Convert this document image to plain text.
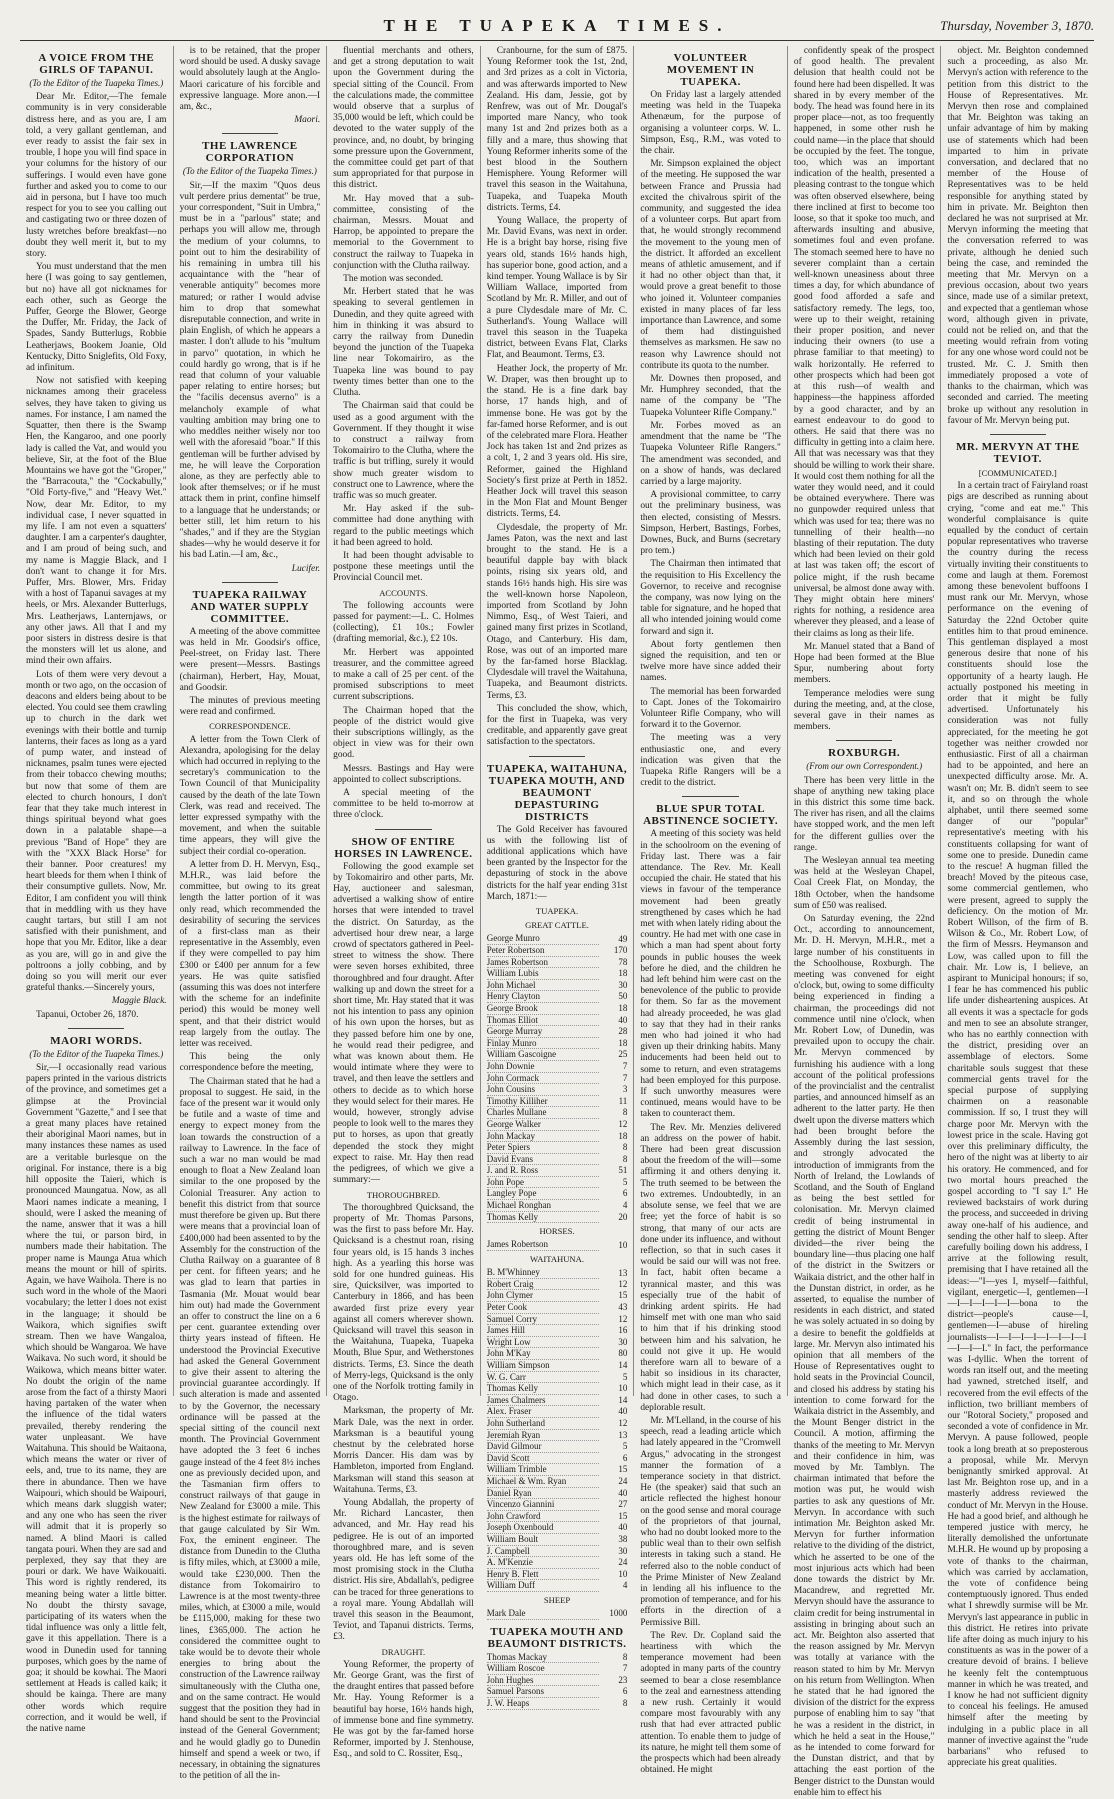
THE TUAPEKA TIMES.	Thursday, November 3, 1870.
A VOICE FROM THE GIRLS OF TAPANUI.
(To the Editor of the Tuapeka Times.)

Dear Mr. Editor,—The female community is in very considerable distress here, and as you are, I am told, a very gallant gentleman, and ever ready to assist the fair sex in trouble, I hope you will find space in your columns for the history of our sufferings. I would even have gone further and asked you to come to our aid in persona, but I have too much respect for you to see you calling out and castigating two or three dozen of lusty wretches before breakfast—no doubt they well merit it, but to my story.

You must understand that the men here (I was going to say gentlemen, but no) have all got nicknames for each other, such as George the Puffer, George the Blower, George the Duffer, Mr. Friday, the Jack of Spades, Sandy Butterlugs, Robbie Leatherjaws, Bookem Joanie, Old Kentucky, Ditto Sniglefits, Old Foxy, ad infinitum.

Now not satisfied with keeping nicknames among their graceless selves, they have taken to giving us names. For instance, I am named the Squatter, then there is the Swamp Hen, the Kangaroo, and one poorly lady is called the Vat, and would you believe, Sir, at the foot of the Blue Mountains we have got the "Groper," the "Barracouta," the "Cockabully," "Old Forty-five," and "Heavy Wet." Now, dear Mr. Editor, to my individual case, I never squatted in my life. I am not even a squatters' daughter. I am a carpenter's daughter, and I am proud of being such, and my name is Maggie Black, and I don't want to change it for Mrs. Puffer, Mrs. Blower, Mrs. Friday with a host of Tapanui savages at my heels, or Mrs. Alexander Butterlugs, Mrs. Leatherjaws, Lanternjaws, or any other jaws. All that I and my poor sisters in distress desire is that the monsters will let us alone, and mind their own affairs.

Lots of them were very devout a month or two ago, on the occasion of deacons and elders being about to be elected. You could see them crawling up to church in the dark wet evenings with their bottle and turnip lanterns, their faces as long as a yard of pump water, and instead of nicknames, psalm tunes were ejected from their tobacco chewing mouths; but now that some of them are elected to church honours, I don't fear that they take much interest in things spiritual beyond what goes down in a palatable shape—a previous "Band of Hope" they are with the "XXX Black Horse" for their banner. Poor creatures! my heart bleeds for them when I think of their consumptive gullets. Now, Mr. Editor, I am confident you will think that in meddling with us they have caught tartars, but still I am not satisfied with their punishment, and hope that you Mr. Editor, like a dear as you are, will go in and give the poltroons a jolly cobbing, and by doing so you will merit our ever grateful thanks.—Sincerely yours,

Maggie Black.

Tapanui, October 26, 1870.

MAORI WORDS.
(To the Editor of the Tuapeka Times.)

Sir,—I occasionally read various papers printed in the various districts of the province, and sometimes get a glimpse at the Provincial Government "Gazette," and I see that a great many places have retained their aboriginal Maori names, but in many instances these names as used are a veritable burlesque on the original. For instance, there is a big hill opposite the Taieri, which is pronounced Maungatua. Now, as all Maori names indicate a meaning, I should, were I asked the meaning of the name, answer that it was a hill where the tui, or parson bird, in numbers made their habitation. The proper name is Maunga Atua which means the mount or hill of spirits. Again, we have Waihola. There is no such word in the whole of the Maori vocabulary; the letter l does not exist in the language; it should be Waikora, which signifies swift stream. Then we have Wangaloa, which should be Wangaroa. We have Waikava. No such word, it should be Waikowa, which means bitter water. No doubt the origin of the name arose from the fact of a thirsty Maori having partaken of the water when the influence of the tidal waters prevailed, thereby rendering the water unpleasant. We have Waitahuna. This should be Waitaona, which means the water or river of eels, and, true to its name, they are there in abundance. Then we have Waipouri, which should be Waipouri, which means dark sluggish water; and any one who has seen the river will admit that it is properly so named. A blind Maori is called tangata pouri. When they are sad and perplexed, they say that they are pouri or dark. We have Waikouaiti. This word is rightly rendered, its meaning being water a little bitter. No doubt the thirsty savage, participating of its waters when the tidal influence was only a little felt, gave it this appellation. There is a wood in Dunedin used for tanning purposes, which goes by the name of goa; it should be kowhai. The Maori settlement at Heads is called kaik; it should be kainga. There are many other words which require correction, and it would be well, if the native name

is to be retained, that the proper word should be used. A dusky savage would absolutely laugh at the Anglo-Maori caricature of his forcible and expressive language. More anon.—I am, &c.,

Maori.
THE LAWRENCE CORPORATION
(To the Editor of the Tuapeka Times.)

Sir,—If the maxim "Quos deus vult perdere prius dementat" be true, your correspondent, "Suit in Umbra," must be in a "parlous" state; and perhaps you will allow me, through the medium of your columns, to point out to him the desirability of his remaining in umbra till his acquaintance with the "hear of venerable antiquity" becomes more matured; or rather I would advise him to drop that somewhat disreputable connection, and write in plain English, of which he appears a master. I don't allude to his "multum in parvo" quotation, in which he could hardly go wrong, that is if he read that column of your valuable paper relating to entire horses; but the "facilis decensus averno" is a melancholy example of what vaulting ambition may bring one to who meddles neither wisely nor too well with the aforesaid "boar." If this gentleman will be further advised by me, he will leave the Corporation alone, as they are perfectly able to look after themselves; or if he must attack them in print, confine himself to a language that he understands; or better still, let him return to his "shades," and if they are the Stygian shades—why he would deserve it for his bad Latin.—I am, &c.,

Lucifer.
TUAPEKA RAILWAY AND WATER SUPPLY COMMITTEE.

A meeting of the above committee was held in Mr. Goodsir's office, Peel-street, on Friday last. There were present—Messrs. Bastings (chairman), Herbert, Hay, Mouat, and Goodsir.

The minutes of previous meeting were read and confirmed.

CORRESPONDENCE.

A letter from the Town Clerk of Alexandra, apologising for the delay which had occurred in replying to the secretary's communication to the Town Council of that Municipality caused by the death of the late Town Clerk, was read and received. The letter expressed sympathy with the movement, and when the suitable time appears, they will give the subject their cordial co-operation.

A letter from D. H. Mervyn, Esq., M.H.R., was laid before the committee, but owing to its great length the latter portion of it was only read, which recommended the desirability of securing the services of a first-class man as their representative in the Assembly, even if they were compelled to pay him £300 or £400 per annum for a few years. He was quite satisfied (assuming this was does not interfere with the scheme for an indefinite period) this would be money well spent, and that their district would reap largely from the outlay. The letter was received.

This being the only correspondence before the meeting,

The Chairman stated that he had a proposal to suggest. He said, in the face of the present war it would only be futile and a waste of time and energy to expect money from the loan towards the construction of a railway to Lawrence. In the face of such a war no man would be mad enough to float a New Zealand loan similar to the one proposed by the Colonial Treasurer. Any action to benefit this district from that source must therefore be given up. But there were means that a provincial loan of £400,000 had been assented to by the Assembly for the construction of the Clutha Railway on a guarantee of 8 per cent. for fifteen years; and he was glad to learn that parties in Tasmania (Mr. Mouat would bear him out) had made the Government an offer to construct the line on a 6 per cent. guarantee extending over thirty years instead of fifteen. He understood the Provincial Executive had asked the General Government to give their assent to altering the provincial guarantee accordingly. If such alteration is made and assented to by the Governor, the necessary ordinance will be passed at the special sitting of the council next month. The Provincial Government have adopted the 3 feet 6 inches gauge instead of the 4 feet 8½ inches one as previously decided upon, and the Tasmanian firm offers to construct railways of that gauge in New Zealand for £3000 a mile. This is the highest estimate for railways of that gauge calculated by Sir Wm. Fox, the eminent engineer. The distance from Dunedin to the Clutha is fifty miles, which, at £3000 a mile, would take £230,000. Then the distance from Tokomairiro to Lawrence is at the most twenty-three miles, which, at £3000 a mile, would be £115,000, making for these two lines, £365,000. The action he considered the committee ought to take would be to devote their whole energies to bring about the construction of the Lawrence railway simultaneously with the Clutha one, and on the same contract. He would suggest that the position they had in hand should be sent to the Provincial instead of the General Government; and he would gladly go to Dunedin himself and spend a week or two, if necessary, in obtaining the signatures to the petition of all the in-

fluential merchants and others, and get a strong deputation to wait upon the Government during the special sitting of the Council. From the calculations made, the committee would observe that a surplus of 35,000 would be left, which could be devoted to the water supply of the province, and, no doubt, by bringing some pressure upon the Government, the committee could get part of that sum appropriated for that purpose in this district.

Mr. Hay moved that a sub-committee, consisting of the chairman, Messrs. Mouat and Harrop, be appointed to prepare the memorial to the Government to construct the railway to Tuapeka in conjunction with the Clutha railway.

The motion was seconded.

Mr. Herbert stated that he was speaking to several gentlemen in Dunedin, and they quite agreed with him in thinking it was absurd to carry the railway from Dunedin beyond the junction of the Tuapeka line near Tokomairiro, as the Tuapeka line was bound to pay twenty times better than one to the Clutha.

The Chairman said that could be used as a good argument with the Government. If they thought it wise to construct a railway from Tokomairiro to the Clutha, where the traffic is but trifling, surely it would show much greater wisdom to construct one to Lawrence, where the traffic was so much greater.

Mr. Hay asked if the sub-committee had done anything with regard to the public meetings which it had been agreed to hold.

It had been thought advisable to postpone these meetings until the Provincial Council met.

ACCOUNTS.

The following accounts were passed for payment:—L. C. Holmes (collecting), £1 10s.; Fowler (drafting memorial, &c.), £2 10s.

Mr. Herbert was appointed treasurer, and the committee agreed to make a call of 25 per cent. of the promised subscriptions to meet current subscriptions.

The Chairman hoped that the people of the district would give their subscriptions willingly, as the object in view was for their own good.

Messrs. Bastings and Hay were appointed to collect subscriptions.

A special meeting of the committee to be held to-morrow at three o'clock.

SHOW OF ENTIRE HORSES IN LAWRENCE.

Following the good example set by Tokomairiro and other parts, Mr. Hay, auctioneer and salesman, advertised a walking show of entire horses that were intended to travel the district. On Saturday, as the advertised hour drew near, a large crowd of spectators gathered in Peel-street to witness the show. There were seven horses exhibited, three thoroughbred and four draught. After walking up and down the street for a short time, Mr. Hay stated that it was not his intention to pass any opinion of his own upon the horses, but as they passed before him one by one, he would read their pedigree, and what was known about them. He would intimate where they were to travel, and then leave the settlers and others to decide as to which horse they would select for their mares. He would, however, strongly advise people to look well to the mares they put to horses, as upon that greatly depended the stock they might expect to raise. Mr. Hay then read the pedigrees, of which we give a summary:—

THOROUGHBRED.

The thoroughbred Quicksand, the property of Mr. Thomas Parsons, was the first to pass before Mr. Hay. Quicksand is a chestnut roan, rising four years old, is 15 hands 3 inches high. As a yearling this horse was sold for one hundred guineas. His sire, Quicksilver, was imported to Canterbury in 1866, and has been awarded first prize every year against all comers wherever shown. Quicksand will travel this season in the Waitahuna, Tuapeka, Tuapeka Mouth, Blue Spur, and Wetherstones districts. Terms, £3. Since the death of Merry-legs, Quicksand is the only one of the Norfolk trotting family in Otago.

Marksman, the property of Mr. Mark Dale, was the next in order. Marksman is a beautiful young chestnut by the celebrated horse Morris Dancer. His dam was by Hambleton, imported from England. Marksman will stand this season at Waitahuna. Terms, £3.

Young Abdallah, the property of Mr. Richard Lancaster, then advanced, and Mr. Hay read his pedigree. He is out of an imported thoroughbred mare, and is seven years old. He has left some of the most promising stock in the Clutha district. His sire, Abdallah's, pedigree can be traced for three generations to a royal mare. Young Abdallah will travel this season in the Beaumont, Teviot, and Tapanui districts. Terms, £3.

DRAUGHT.

Young Reformer, the property of Mr. George Grant, was the first of the draught entires that passed before Mr. Hay. Young Reformer is a beautiful bay horse, 16½ hands high, of immense bone and fine symmetry. He was got by the far-famed horse Reformer, imported by J. Stenhouse, Esq., and sold to C. Rossiter, Esq.,

Cranbourne, for the sum of £875. Young Reformer took the 1st, 2nd, and 3rd prizes as a colt in Victoria, and was afterwards imported to New Zealand. His dam, Jessie, got by Renfrew, was out of Mr. Dougal's imported mare Nancy, who took many 1st and 2nd prizes both as a filly and a mare, thus showing that Young Reformer inherits some of the best blood in the Southern Hemisphere. Young Reformer will travel this season in the Waitahuna, Tuapeka, and Tuapeka Mouth districts. Terms, £4.

Young Wallace, the property of Mr. David Evans, was next in order. He is a bright bay horse, rising five years old, stands 16½ hands high, has superior bone, good action, and a kind temper. Young Wallace is by Sir William Wallace, imported from Scotland by Mr. R. Miller, and out of a pure Clydesdale mare of Mr. C. Sutherland's. Young Wallace will travel this season in the Tuapeka district, between Evans Flat, Clarks Flat, and Beaumont. Terms, £3.

Heather Jock, the property of Mr. W. Draper, was then brought up to the stand. He is a fine dark bay horse, 17 hands high, and of immense bone. He was got by the far-famed horse Reformer, and is out of the celebrated mare Flora. Heather Jock has taken 1st and 2nd prizes as a colt, 1, 2 and 3 years old. His sire, Reformer, gained the Highland Society's first prize at Perth in 1852. Heather Jock will travel this season in the Mon Flat and Mount Benger districts. Terms, £4.

Clydesdale, the property of Mr. James Paton, was the next and last brought to the stand. He is a beautiful dapple bay with black points, rising six years old, and stands 16½ hands high. His sire was the well-known horse Napoleon, imported from Scotland by John Nimmo, Esq., of West Taieri, and gained many first prizes in Scotland, Otago, and Canterbury. His dam, Rose, was out of an imported mare by the far-famed horse Blacklag. Clydesdale will travel the Waitahuna, Tuapeka, and Beaumont districts. Terms, £3.

This concluded the show, which, for the first in Tuapeka, was very creditable, and apparently gave great satisfaction to the spectators.

TUAPEKA, WAITAHUNA, TUAPEKA MOUTH, AND BEAUMONT DEPASTURING DISTRICTS

The Gold Receiver has favoured us with the following list of additional applications which have been granted by the Inspector for the depasturing of stock in the above districts for the half year ending 31st March, 1871:—

TUAPEKA.
GREAT CATTLE.
George Munro	49
Peter Robertson	170
James Robertson	78
William Lubis	18
John Michael	30
Henry Clayton	50
George Brook	18
Thomas Elliot	40
George Murray	28
Finlay Munro	18
William Gascoigne	25
John Downie	7
John Cormack	7
John Cousins	3
Timothy Killiher	11
Charles Mullane	8
George Walker	12
John Mackay	18
Peter Spiers	8
David Evans	8
J. and R. Ross	51
John Pope	5
Langley Pope	6
Michael Ronghan	4
Thomas Kelly	20
HORSES.
James Robertson	10
WAITAHUNA.
B. M'Whinney	13
Robert Craig	12
John Clymer	15
Peter Cook	43
Samuel Corry	12
James Hill	16
Wright Low	30
John M'Kay	80
William Simpson	14
W. G. Carr	5
Thomas Kelly	10
James Chalmers	14
Alex. Fraser	40
John Sutherland	12
Jeremiah Ryan	13
David Gilmour	5
David Scott	6
William Trimble	15
Michael & Wm. Ryan	24
Daniel Ryan	40
Vincenzo Giannini	27
John Crawford	15
Joseph Oxenbould	40
William Boult	38
J. Campbell	30
A. M'Kenzie	24
Henry B. Flett	10
William Duff	4
SHEEP
Mark Dale	1000
TUAPEKA MOUTH AND BEAUMONT DISTRICTS.
Thomas Mackay	8
William Roscoe	7
John Hughes	23
Samuel Parsons	6
J. W. Heaps	8
VOLUNTEER MOVEMENT IN TUAPEKA.

On Friday last a largely attended meeting was held in the Tuapeka Athenæum, for the purpose of organising a volunteer corps. W. L. Simpson, Esq., R.M., was voted to the chair.

Mr. Simpson explained the object of the meeting. He supposed the war between France and Prussia had excited the chivalrous spirit of the community, and suggested the idea of a volunteer corps. But apart from that, he would strongly recommend the movement to the young men of the district. It afforded an excellent means of athletic amusement, and if it had no other object than that, it would prove a great benefit to those who joined it. Volunteer companies existed in many places of far less importance than Lawrence, and some of them had distinguished themselves as marksmen. He saw no reason why Lawrence should not contribute its quota to the number.

Mr. Downes then proposed, and Mr. Humphrey seconded, that the name of the company be "The Tuapeka Volunteer Rifle Company."

Mr. Forbes moved as an amendment that the name be "The Tuapeka Volunteer Rifle Rangers." The amendment was seconded, and on a show of hands, was declared carried by a large majority.

A provisional committee, to carry out the preliminary business, was then elected, consisting of Messrs. Simpson, Herbert, Bastings, Forbes, Downes, Buck, and Burns (secretary pro tem.)

The Chairman then intimated that the requisition to His Excellency the Governor, to receive and recognise the company, was now lying on the table for signature, and he hoped that all who intended joining would come forward and sign it.

About forty gentlemen then signed the requisition, and ten or twelve more have since added their names.

The memorial has been forwarded to Capt. Jones of the Tokomairiro Volunteer Rifle Company, who will forward it to the Governor.

The meeting was a very enthusiastic one, and every indication was given that the Tuapeka Rifle Rangers will be a credit to the district.

BLUE SPUR TOTAL ABSTINENCE SOCIETY.

A meeting of this society was held in the schoolroom on the evening of Friday last. There was a fair attendance. The Rev. Mr. Keall occupied the chair. He stated that his views in favour of the temperance movement had been greatly strengthened by cases which he had met with when lately riding about the country. He had met with one case in which a man had spent about forty pounds in public houses the week before he died, and the children he had left behind him were cast on the benevolence of the public to provide for them. So far as the movement had already proceeded, he was glad to say that they had in their ranks men who had joined it who had given up their drinking habits. Many inducements had been held out to some to return, and even stratagems had been employed for this purpose. If such unworthy measures were continued, means would have to be taken to counteract them.

The Rev. Mr. Menzies delivered an address on the power of habit. There had been great discussion about the freedom of the will—some affirming it and others denying it. The truth seemed to be between the two extremes. Undoubtedly, in an absolute sense, we feel that we are free; yet the force of habit is so strong, that many of our acts are done under its influence, and without reflection, so that in such cases it would be said our will was not free. In fact, habit often became a tyrannical master, and this was especially true of the habit of drinking ardent spirits. He had himself met with one man who said to him that if his drinking stood between him and his salvation, he could not give it up. He would therefore warn all to beware of a habit so insidious in its character, which might lead in their case, as it had done in other cases, to such a deplorable result.

Mr. M'Lelland, in the course of his speech, read a leading article which had lately appeared in the "Cromwell Argus," advocating in the strongest manner the formation of a temperance society in that district. He (the speaker) said that such an article reflected the highest honour on the good sense and moral courage of the proprietors of that journal, who had no doubt looked more to the public weal than to their own selfish interests in taking such a stand. He referred also to the noble conduct of the Prime Minister of New Zealand in lending all his influence to the promotion of temperance, and for his efforts in the direction of a Permissive Bill.

The Rev. Dr. Copland said the heartiness with which the temperance movement had been adopted in many parts of the country seemed to bear a close resemblance to the zeal and earnestness attending a new rush. Certainly it would compare most favourably with any rush that had ever attracted public attention. To enable them to judge of its nature, he might tell them some of the prospects which had been already obtained. He might

confidently speak of the prospect of good health. The prevalent delusion that health could not be found here had been dispelled. It was shared in by every member of the body. The head was found here in its proper place—not, as too frequently happened, in some other rush he could name—in the place that should be occupied by the feet. The tongue, too, which was an important indication of the health, presented a pleasing contrast to the tongue which was often observed elsewhere, being there inclined at first to become too loose, so that it spoke too much, and afterwards insulting and abusive, sometimes foul and even profane. The stomach seemed here to have no severer complaint than a certain well-known uneasiness about three times a day, for which abundance of good food afforded a safe and satisfactory remedy. The legs, too, were up to their weight, retaining their proper position, and never inducing their owners (to use a phrase familiar to that meeting) to walk horizontally. He referred to other prospects which had been got at this rush—of wealth and happiness—the happiness afforded by a good character, and by an earnest endeavour to do good to others. He said that there was no difficulty in getting into a claim here. All that was necessary was that they should be willing to work their share. It would cost them nothing for all the water they would need, and it could be obtained everywhere. There was no gunpowder required unless that which was used for tea; there was no tunnelling of their health—no blasting of their reputation. The duty which had been levied on their gold at last was taken off; the escort of police might, if the rush became universal, be almost done away with. They might obtain here miners' rights for nothing, a residence area wherever they pleased, and a lease of their claims as long as their life.

Mr. Manuel stated that a Band of Hope had been formed at the Blue Spur, numbering about forty members.

Temperance melodies were sung during the meeting, and, at the close, several gave in their names as members.

ROXBURGH.
(From our own Correspondent.)

There has been very little in the shape of anything new taking place in this district this some time back. The river has risen, and all the claims have stopped work, and the men left for the different gullies over the range.

The Wesleyan annual tea meeting was held at the Wesleyan Chapel, Coal Creek Flat, on Monday, the 18th October, when the handsome sum of £50 was realised.

On Saturday evening, the 22nd Oct., according to announcement, Mr. D. H. Mervyn, M.H.R., met a large number of his constituents in the Schoolhouse, Roxburgh. The meeting was convened for eight o'clock, but, owing to some difficulty being experienced in finding a chairman, the proceedings did not commence until nine o'clock, when Mr. Robert Low, of Dunedin, was prevailed upon to occupy the chair. Mr. Mervyn commenced by furnishing his audience with a long account of the political professions of the provincialist and the centralist parties, and announced himself as an adherent to the latter party. He then dwelt upon the diverse matters which had been brought before the Assembly during the last session, and strongly advocated the introduction of immigrants from the North of Ireland, the Lowlands of Scotland, and the South of England as being the best settled for colonisation. Mr. Mervyn claimed credit of being instrumental in getting the district of Mount Benger divided—the river being the boundary line—thus placing one half of the district in the Switzers or Waikaia district, and the other half in the Dunstan district, in order, as he asserted, to equalise the number of residents in each district, and stated he was solely actuated in so doing by a desire to benefit the goldfields at large. Mr. Mervyn also intimated his opinion that all members of the House of Representatives ought to hold seats in the Provincial Council, and closed his address by stating his intention to come forward for the Waikaia district in the Assembly, and the Mount Benger district in the Council. A motion, affirming the thanks of the meeting to Mr. Mervyn and their confidence in him, was moved by Mr. Tamblyn. The chairman intimated that before the motion was put, he would wish parties to ask any questions of Mr. Mervyn. In accordance with such intimation Mr. Beighton asked Mr. Mervyn for further information relative to the dividing of the district, which he asserted to be one of the most injurious acts which had been done towards the district by Mr. Macandrew, and regretted Mr. Mervyn should have the assurance to claim credit for being instrumental in assisting in bringing about such an act. Mr. Beighton also asserted that the reason assigned by Mr. Mervyn was totally at variance with the reason stated to him by Mr. Mervyn on his return from Wellington. When he stated that he had ignored the division of the district for the express purpose of enabling him to say "that he was a resident in the district, in which he held a seat in the House," as he intended to come forward for the Dunstan district, and that by attaching the east portion of the Benger district to the Dunstan would enable him to effect his

object. Mr. Beighton condemned such a proceeding, as also Mr. Mervyn's action with reference to the petition from this district to the House of Representatives. Mr. Mervyn then rose and complained that Mr. Beighton was taking an unfair advantage of him by making use of statements which had been imparted to him in private conversation, and declared that no member of the House of Representatives was to be held responsible for anything stated by him in private. Mr. Beighton then declared he was not surprised at Mr. Mervyn informing the meeting that the conversation referred to was private, although he denied such being the case, and reminded the meeting that Mr. Mervyn on a previous occasion, about two years since, made use of a similar pretext, and expected that a gentleman whose word, although given in private, could not be relied on, and that the meeting would refrain from voting for any one whose word could not be trusted. Mr. C. J. Smith then immediately proposed a vote of thanks to the chairman, which was seconded and carried. The meeting broke up without any resolution in favour of Mr. Mervyn being put.

MR. MERVYN AT THE TEVIOT.
[COMMUNICATED.]

In a certain tract of Fairyland roast pigs are described as running about crying, "come and eat me." This wonderful complaisance is quite equalled by the conduct of certain popular representatives who traverse the country during the recess virtually inviting their constituents to come and laugh at them. Foremost among these benevolent buffoons I must rank our Mr. Mervyn, whose performance on the evening of Saturday the 22nd October quite entitles him to that proud eminence. This gentleman displayed a most generous desire that none of his constituents should lose the opportunity of a hearty laugh. He actually postponed his meeting in order that it might be fully advertised. Unfortunately his consideration was not fully appreciated, for the meeting he got together was neither crowded nor enthusiastic. First of all a chairman had to be appointed, and here an unexpected difficulty arose. Mr. A. wasn't on; Mr. B. didn't seem to see it, and so on through the whole alphabet, until there seemed some danger of our "popular" representative's meeting with his constituents collapsing for want of some one to preside. Dunedin came to the rescue! A hugman filled the breach! Moved by the piteous case, some commercial gentlemen, who were present, agreed to supply the deficiency. On the motion of Mr. Robert Willson, of the firm of B. Wilson & Co., Mr. Robert Low, of the firm of Messrs. Heymanson and Low, was called upon to fill the chair. Mr. Low is, I believe, an aspirant to Municipal honours; if so, I fear he has commenced his public life under disheartening auspices. At all events it was a spectacle for gods and men to see an absolute stranger, who has no earthly connection with the district, presiding over an assemblage of electors. Some charitable souls suggest that these commercial gents travel for the special purpose of supplying chairmen on a reasonable commission. If so, I trust they will charge poor Mr. Mervyn with the lowest price in the scale. Having got over this preliminary difficulty, the hero of the night was at liberty to air his oratory. He commenced, and for two mortal hours preached the gospel according to "I say I." He reviewed backstairs of work during the process, and succeeded in driving away one-half of his audience, and sending the other half to sleep. After carefully boiling down his address, I arrive at the following result, premising that I have retained all the ideas:—"I—yes I, myself—faithful, vigilant, energetic—I, gentlemen—I—I—I—I—I—I—bona to the district—people's cause—I, gentlemen—I—abuse of hireling journalists—I—I—I—I—I—I—I—I—I—I—I." In fact, the performance was I-dyllic. When the torrent of words ran itself out, and the meeting had yawned, stretched itself, and recovered from the evil effects of the infliction, two brilliant members of our "Rotoral Society," proposed and seconded a vote of confidence in Mr. Mervyn. A pause followed, people took a long breath at so preposterous a proposal, while Mr. Mervyn benignantly smirked approval. At last Mr. Beighton rose up, and in a masterly address reviewed the conduct of Mr. Mervyn in the House. He had a good brief, and although he tempered justice with mercy, he literally demolished the unfortunate M.H.R. He wound up by proposing a vote of thanks to the chairman, which was carried by acclamation, the vote of confidence being contemptuously ignored. Thus ended what I shrewdly surmise will be Mr. Mervyn's last appearance in public in this district. He retires into private life after doing as much injury to his constituents as was in the power of a creature devoid of brains. I believe he keenly felt the contemptuous manner in which he was treated, and I know he had not sufficient dignity to conceal his feelings. He amused himself after the meeting by indulging in a public place in all manner of invective against the "rude barbarians" who refused to appreciate his great qualities.
